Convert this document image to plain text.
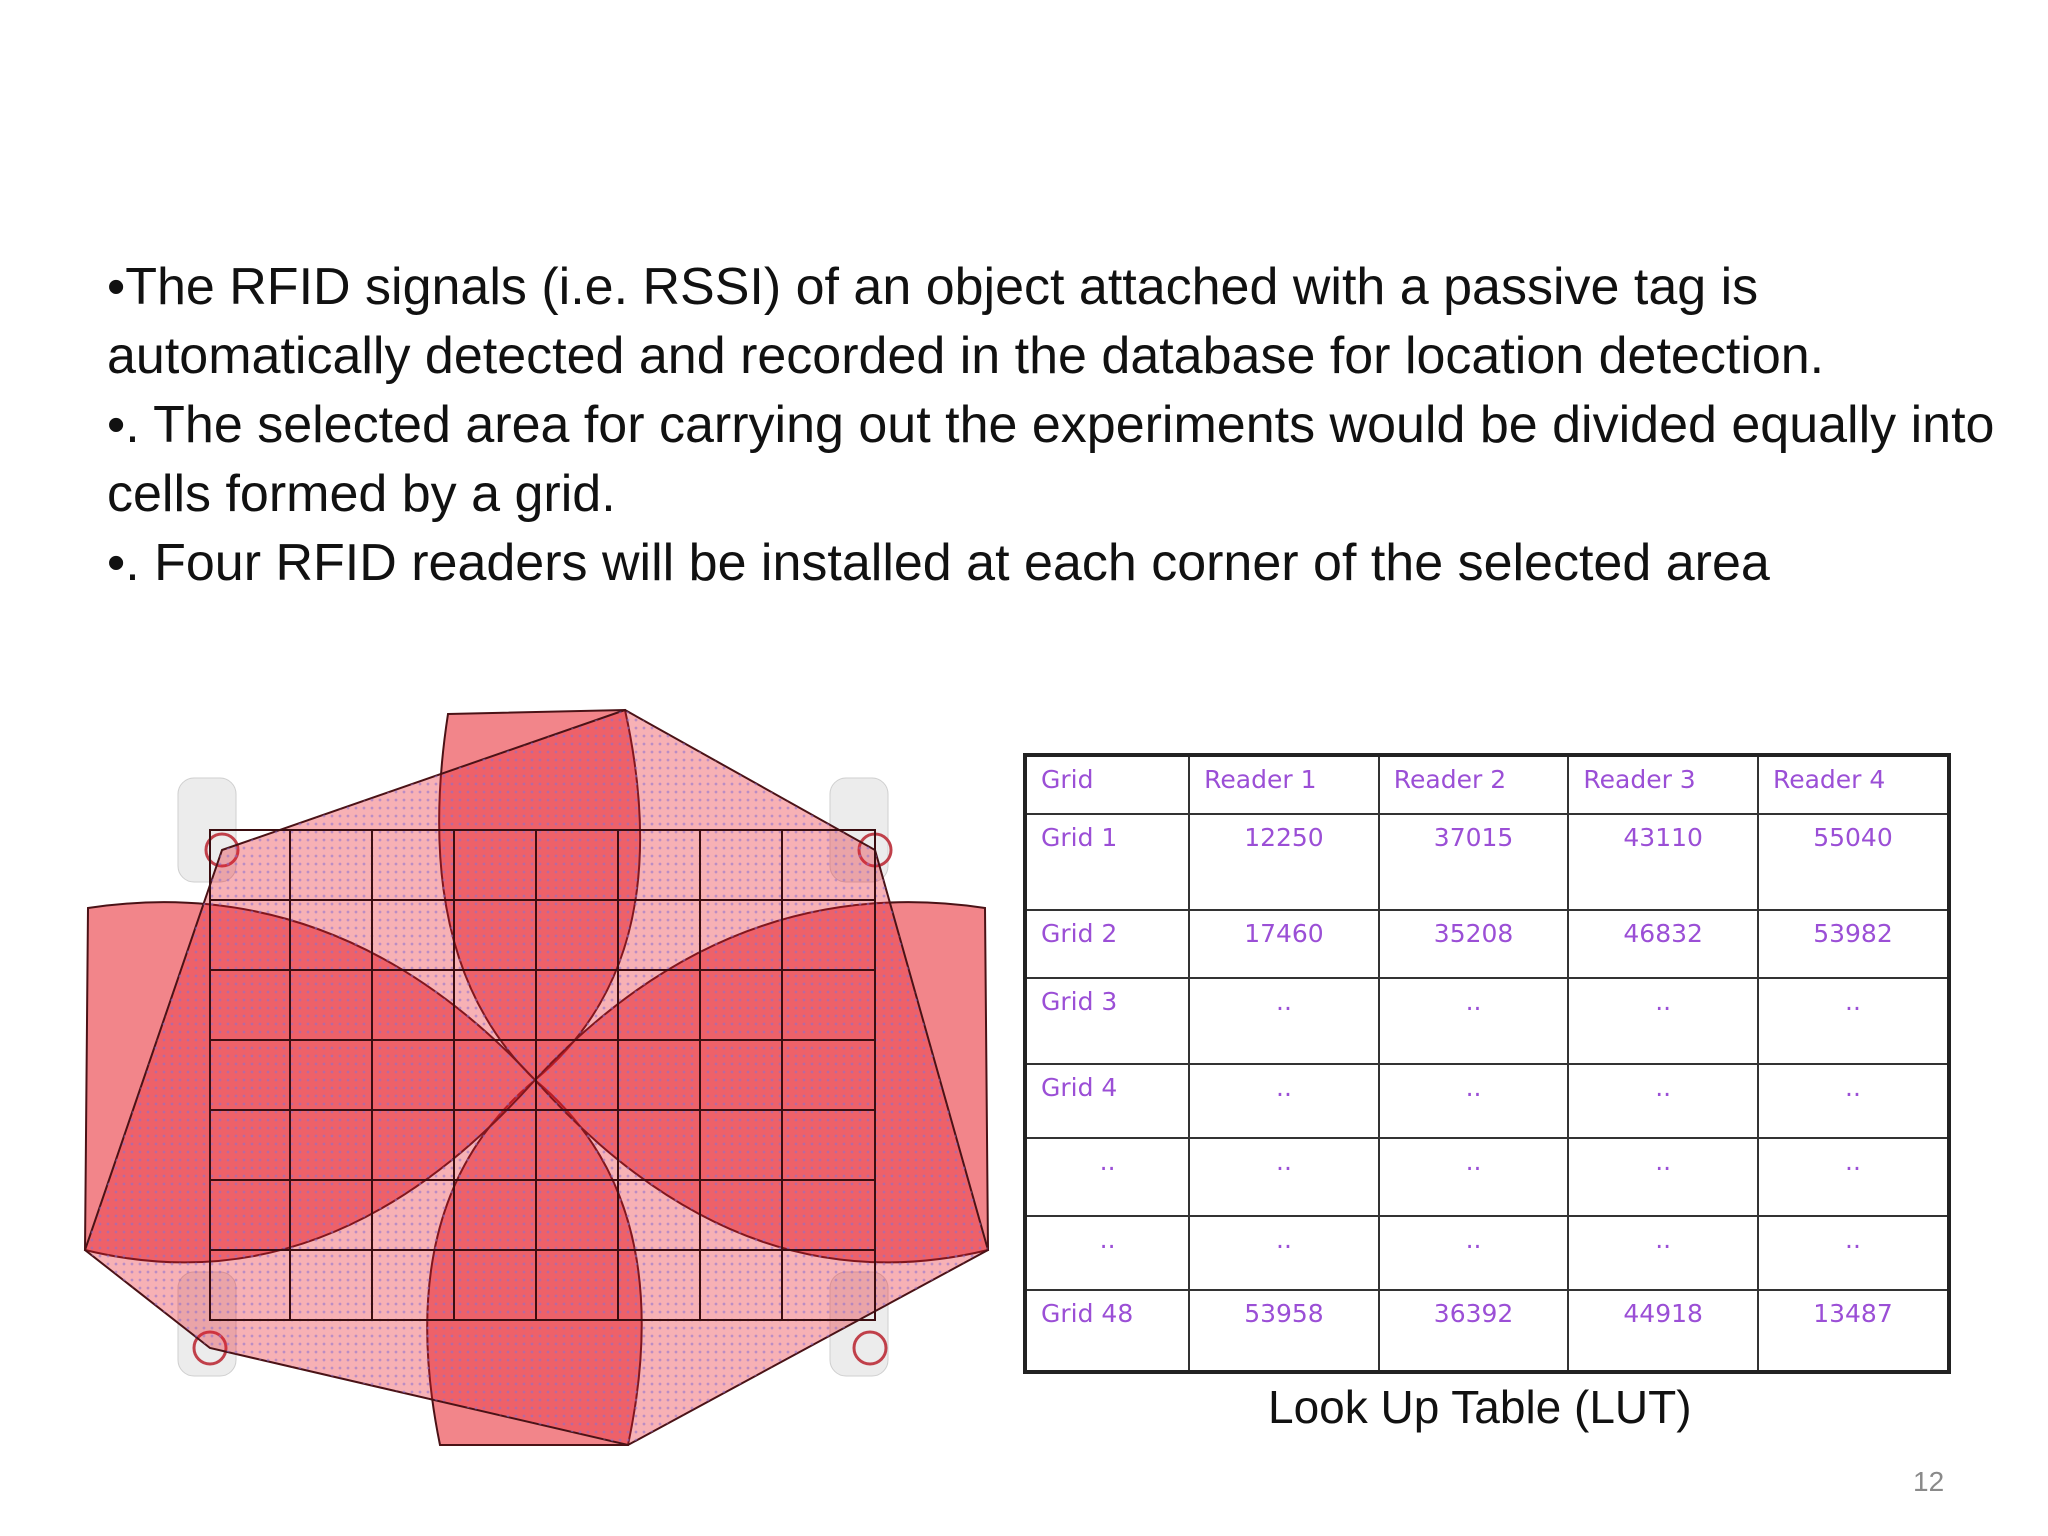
•The RFID signals (i.e. RSSI) of an object attached with a passive tag is automatically detected and recorded in the database for location detection.

•. The selected area for carrying out the experiments would be divided equally into cells formed by a grid.

•. Four RFID readers will be installed at each corner of the selected area

Grid	Reader 1	Reader 2	Reader 3	Reader 4
Grid 1	12250	37015	43110	55040
Grid 2	17460	35208	46832	53982
Grid 3	..	..	..	..
Grid 4	..	..	..	..
..	..	..	..	..
..	..	..	..	..
Grid 48	53958	36392	44918	13487
Look Up Table (LUT)
12
